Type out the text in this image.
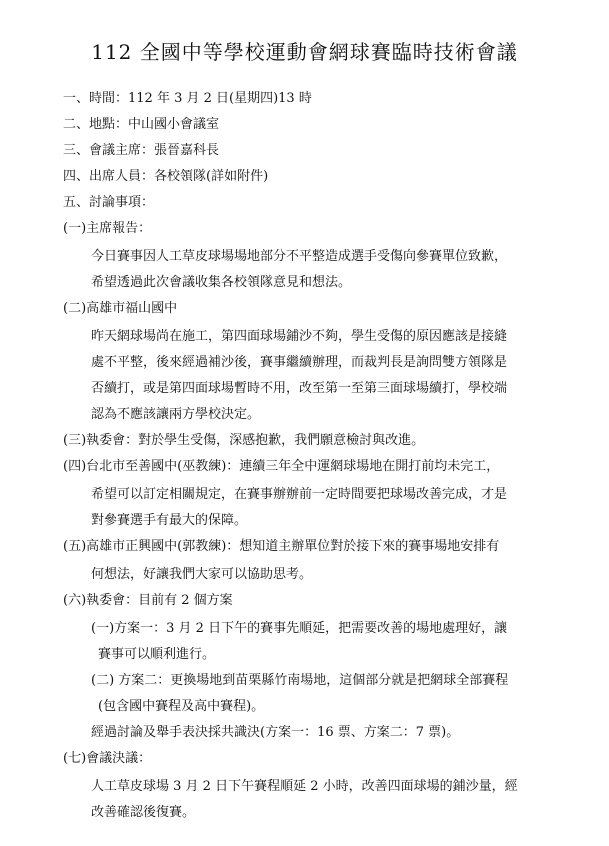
112 全國中等學校運動會網球賽臨時技術會議
一、時間：112 年 3 月 2 日(星期四)13 時
二、地點：中山國小會議室
三、會議主席：張晉嘉科長
四、出席人員：各校領隊(詳如附件)
五、討論事項：
(一)主席報告：
今日賽事因人工草皮球場場地部分不平整造成選手受傷向參賽單位致歉，
希望透過此次會議收集各校領隊意見和想法。
(二)高雄市福山國中
昨天網球場尚在施工，第四面球場鋪沙不夠，學生受傷的原因應該是接縫
處不平整，後來經過補沙後，賽事繼續辦理，而裁判長是詢問雙方領隊是
否續打，或是第四面球場暫時不用，改至第一至第三面球場續打，學校端
認為不應該讓兩方學校決定。
(三)執委會：對於學生受傷，深感抱歉，我們願意檢討與改進。
(四)台北市至善國中(巫教練)：連續三年全中運網球場地在開打前均未完工，
希望可以訂定相關規定，在賽事辦辦前一定時間要把球場改善完成，才是
對參賽選手有最大的保障。
(五)高雄市正興國中(郭教練)：想知道主辦單位對於接下來的賽事場地安排有
何想法，好讓我們大家可以協助思考。
(六)執委會：目前有 2 個方案
(一)方案一：3 月 2 日下午的賽事先順延，把需要改善的場地處理好，讓
賽事可以順利進行。
(二) 方案二：更換場地到苗栗縣竹南場地，這個部分就是把網球全部賽程
(包含國中賽程及高中賽程)。
經過討論及舉手表決採共識決(方案一：16 票、方案二：7 票)。
(七)會議決議：
人工草皮球場 3 月 2 日下午賽程順延 2 小時，改善四面球場的鋪沙量，經
改善確認後復賽。
